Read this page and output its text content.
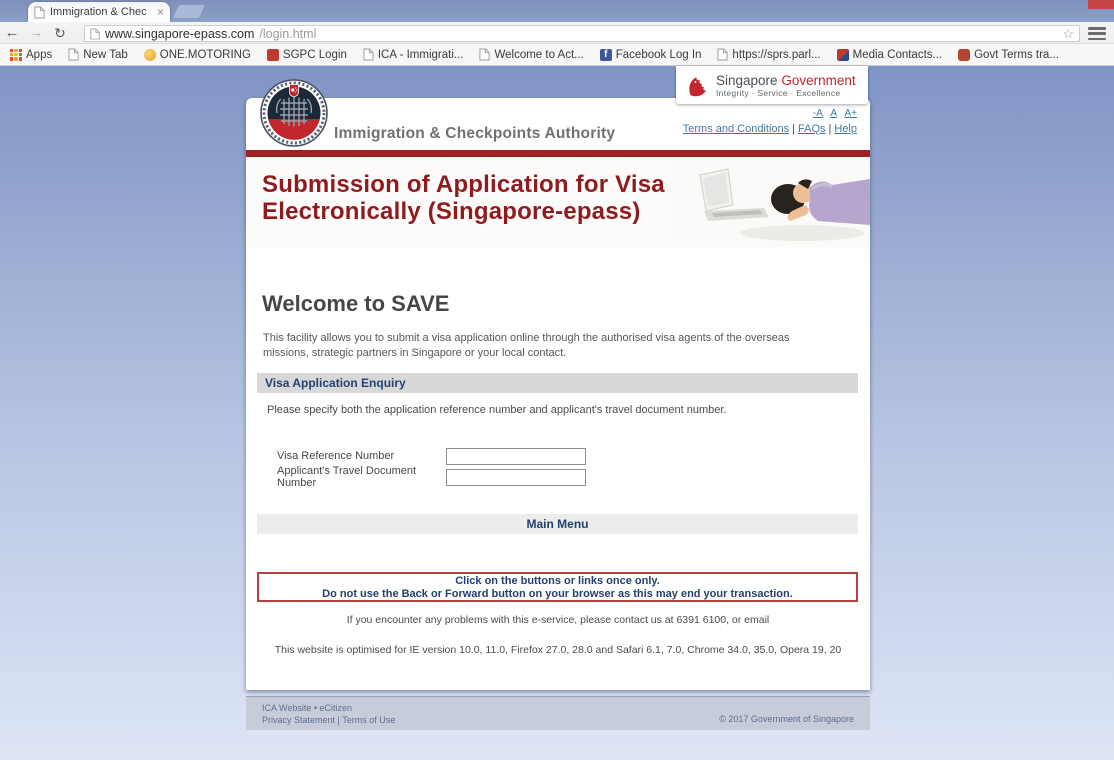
Immigration & Chec ×
← → ↻	www.singapore-epass.com /login.html	☆
Apps	New Tab	ONE.MOTORING	SGPC Login	ICA - Immigrati...	Welcome to Act...	f Facebook Log In	https://sprs.parl...	Media Contacts...	Govt Terms tra...
Singapore Government
Integrity · Service · Excellence
Immigration & Checkpoints Authority
-A A A+
Terms and Conditions | FAQs | Help
Submission of Application for Visa
Electronically (Singapore-epass)
Welcome to SAVE
This facility allows you to submit a visa application online through the authorised visa agents of the overseas missions, strategic partners in Singapore or your local contact.
Visa Application Enquiry
Please specify both the application reference number and applicant's travel document number.
Visa Reference Number
Applicant's Travel Document Number
Main Menu
Click on the buttons or links once only.
Do not use the Back or Forward button on your browser as this may end your transaction.
If you encounter any problems with this e-service, please contact us at 6391 6100, or email
This website is optimised for IE version 10.0, 11.0, Firefox 27.0, 28.0 and Safari 6.1, 7.0, Chrome 34.0, 35.0, Opera 19, 20
ICA Website • eCitizen
Privacy Statement | Terms of Use	© 2017 Government of Singapore
